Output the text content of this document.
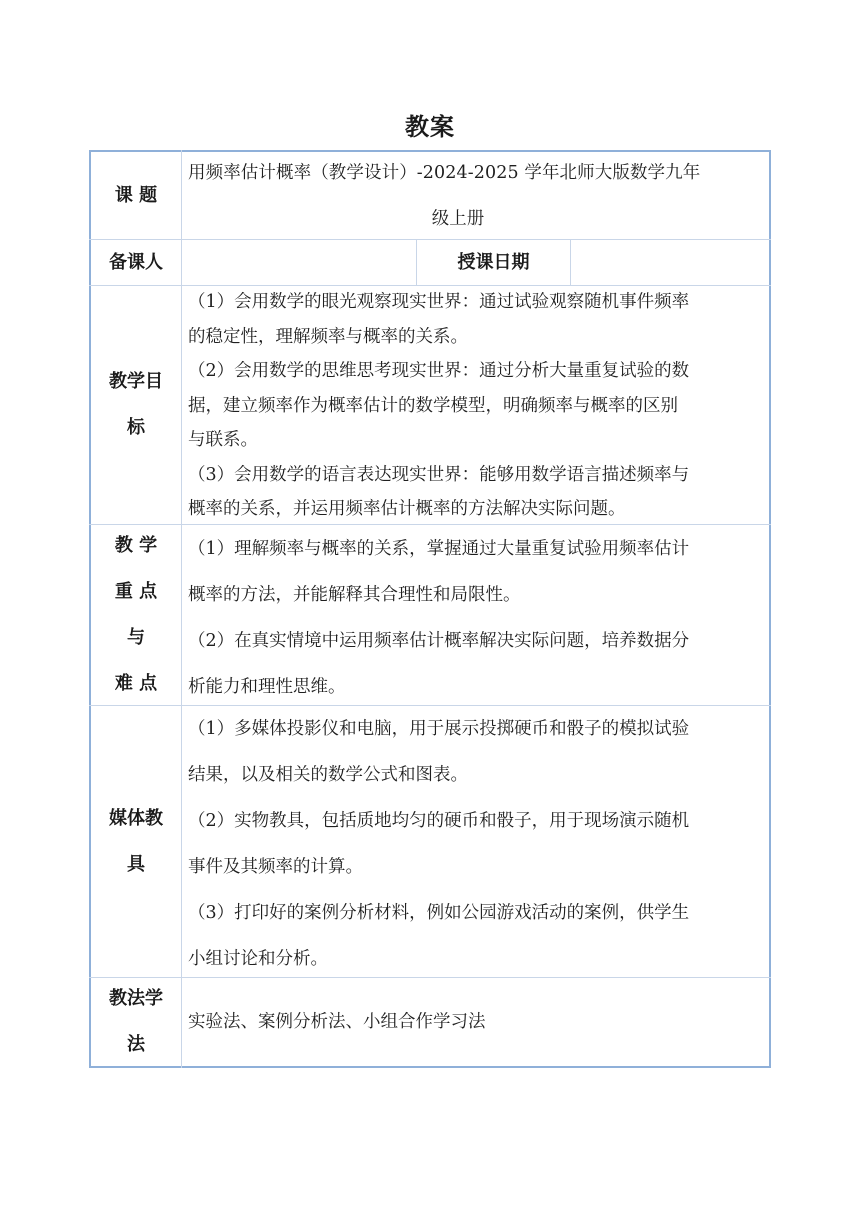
教案
课 题

用频率估计概率（教学设计）-2024-2025 学年北师大版数学九年

级上册

备课人	授课日期
教学目
标

（1）会用数学的眼光观察现实世界：通过试验观察随机事件频率

的稳定性，理解频率与概率的关系。

（2）会用数学的思维思考现实世界：通过分析大量重复试验的数

据，建立频率作为概率估计的数学模型，明确频率与概率的区别

与联系。

（3）会用数学的语言表达现实世界：能够用数学语言描述频率与

概率的关系，并运用频率估计概率的方法解决实际问题。

教 学
重 点
与
难 点

（1）理解频率与概率的关系，掌握通过大量重复试验用频率估计

概率的方法，并能解释其合理性和局限性。

（2）在真实情境中运用频率估计概率解决实际问题，培养数据分

析能力和理性思维。

媒体教
具

（1）多媒体投影仪和电脑，用于展示投掷硬币和骰子的模拟试验

结果，以及相关的数学公式和图表。

（2）实物教具，包括质地均匀的硬币和骰子，用于现场演示随机

事件及其频率的计算。

（3）打印好的案例分析材料，例如公园游戏活动的案例，供学生

小组讨论和分析。

教法学
法
实验法、案例分析法、小组合作学习法
